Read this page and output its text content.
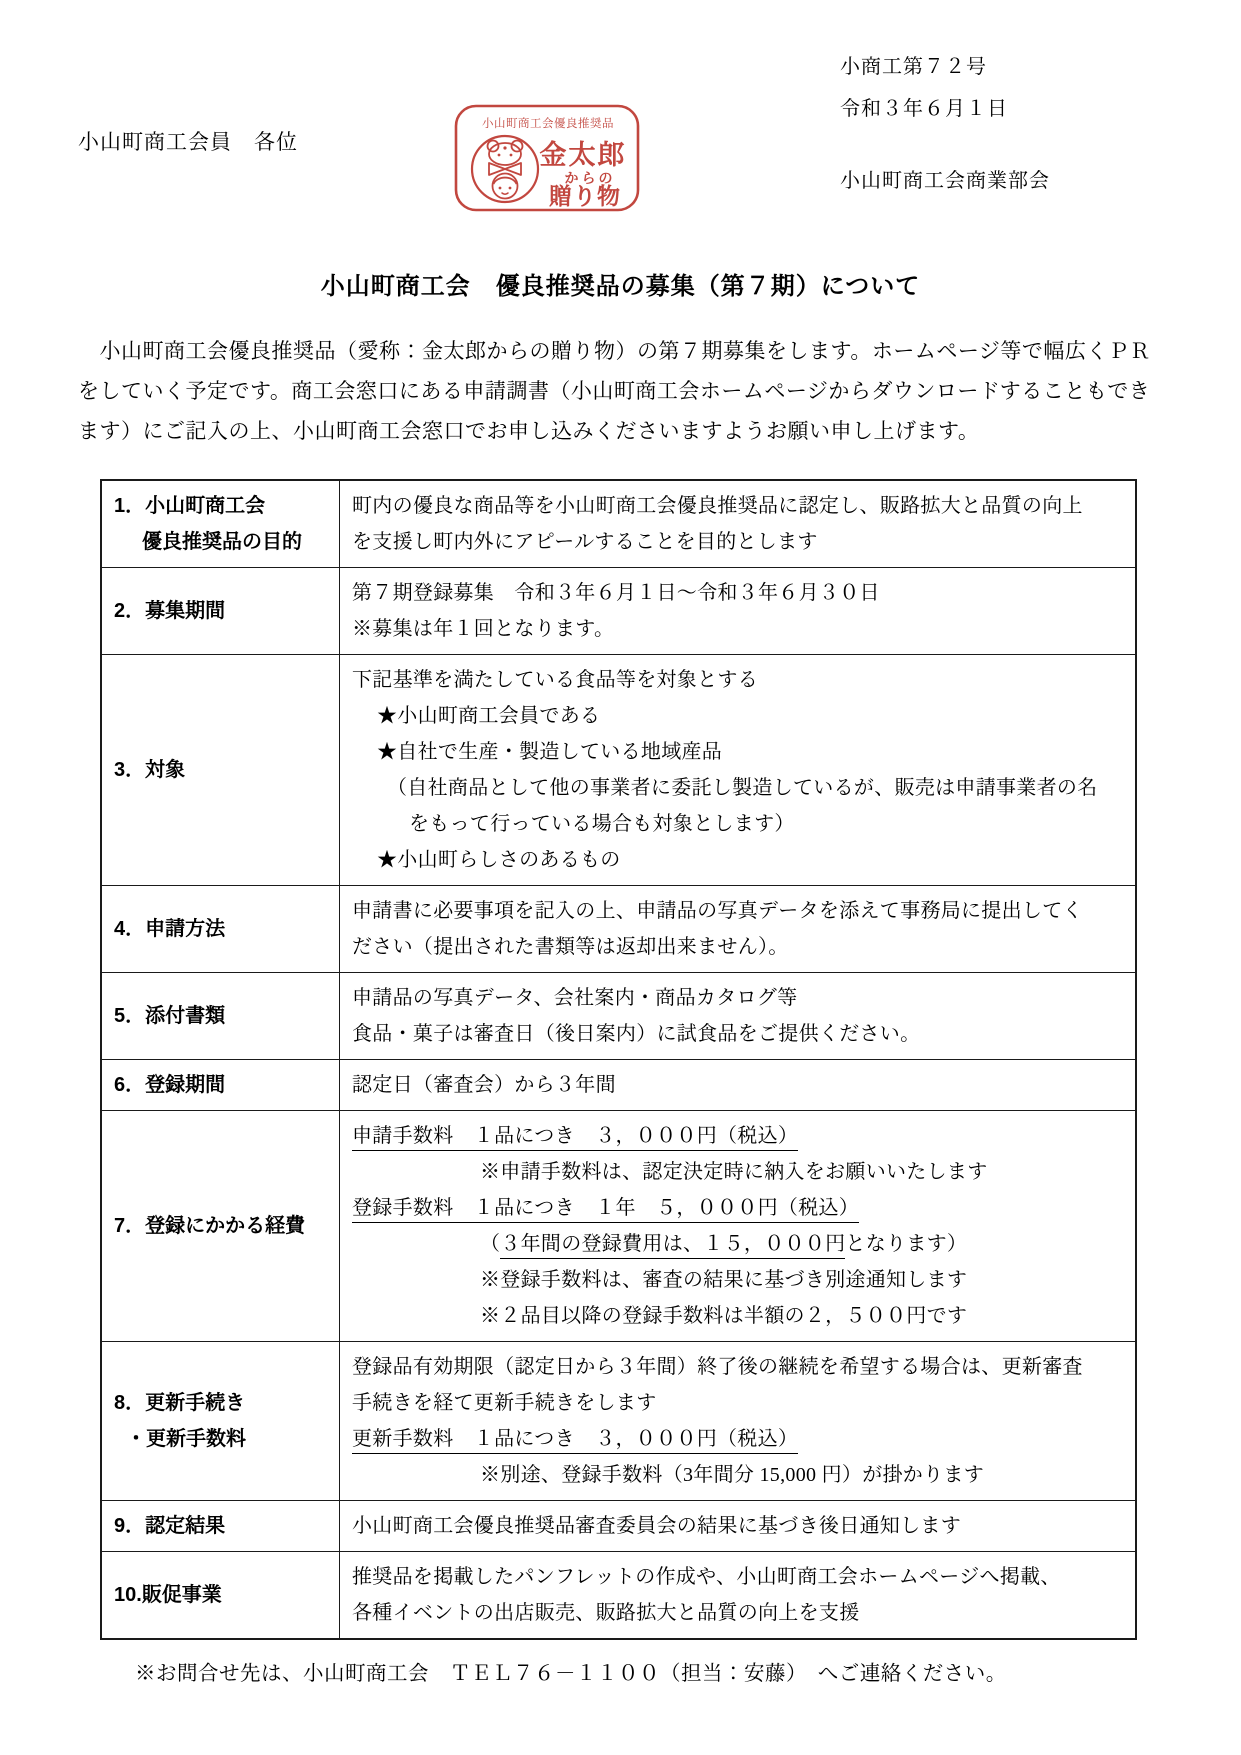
小商工第７２号
令和３年６月１日
小山町商工会員　各位
小山町商工会優良推奨品
金太郎
からの
贈り物
小山町商工会商業部会
小山町商工会　優良推奨品の募集（第７期）について
　小山町商工会優良推奨品（愛称：金太郎からの贈り物）の第７期募集をします。ホームページ等で幅広くＰＲ
をしていく予定です。商工会窓口にある申請調書（小山町商工会ホームページからダウンロードすることもでき
ます）にご記入の上、小山町商工会窓口でお申し込みくださいますようお願い申し上げます。
1．小山町商工会
優良推奨品の目的

町内の優良な商品等を小山町商工会優良推奨品に認定し、販路拡大と品質の向上
を支援し町内外にアピールすることを目的とします

2．募集期間	第７期登録募集　令和３年６月１日～令和３年６月３０日
※募集は年１回となります。

3．対象

下記基準を満たしている食品等を対象とする
★小山町商工会員である
★自社で生産・製造している地域産品
（自社商品として他の事業者に委託し製造しているが、販売は申請事業者の名
をもって行っている場合も対象とします）
★小山町らしさのあるもの

4．申請方法	申請書に必要事項を記入の上、申請品の写真データを添えて事務局に提出してく
ださい（提出された書類等は返却出来ません）。

5．添付書類	申請品の写真データ、会社案内・商品カタログ等
食品・菓子は審査日（後日案内）に試食品をご提供ください。

6．登録期間	認定日（審査会）から３年間

7．登録にかかる経費

申請手数料　１品につき　３，０００円（税込）
※申請手数料は、認定決定時に納入をお願いいたします
登録手数料　１品につき　１年　５，０００円（税込）
（３年間の登録費用は、１５，０００円となります）
※登録手数料は、審査の結果に基づき別途通知します
※２品目以降の登録手数料は半額の２，５００円です

8．更新手続き
・更新手数料

登録品有効期限（認定日から３年間）終了後の継続を希望する場合は、更新審査
手続きを経て更新手続きをします
更新手数料　１品につき　３，０００円（税込）
※別途、登録手数料（3年間分 15,000 円）が掛かります

9．認定結果	小山町商工会優良推奨品審査委員会の結果に基づき後日通知します

10.販促事業	推奨品を掲載したパンフレットの作成や、小山町商工会ホームページへ掲載、
各種イベントの出店販売、販路拡大と品質の向上を支援
※お問合せ先は、小山町商工会　ＴＥＬ７６－１１００（担当：安藤）　へご連絡ください。
